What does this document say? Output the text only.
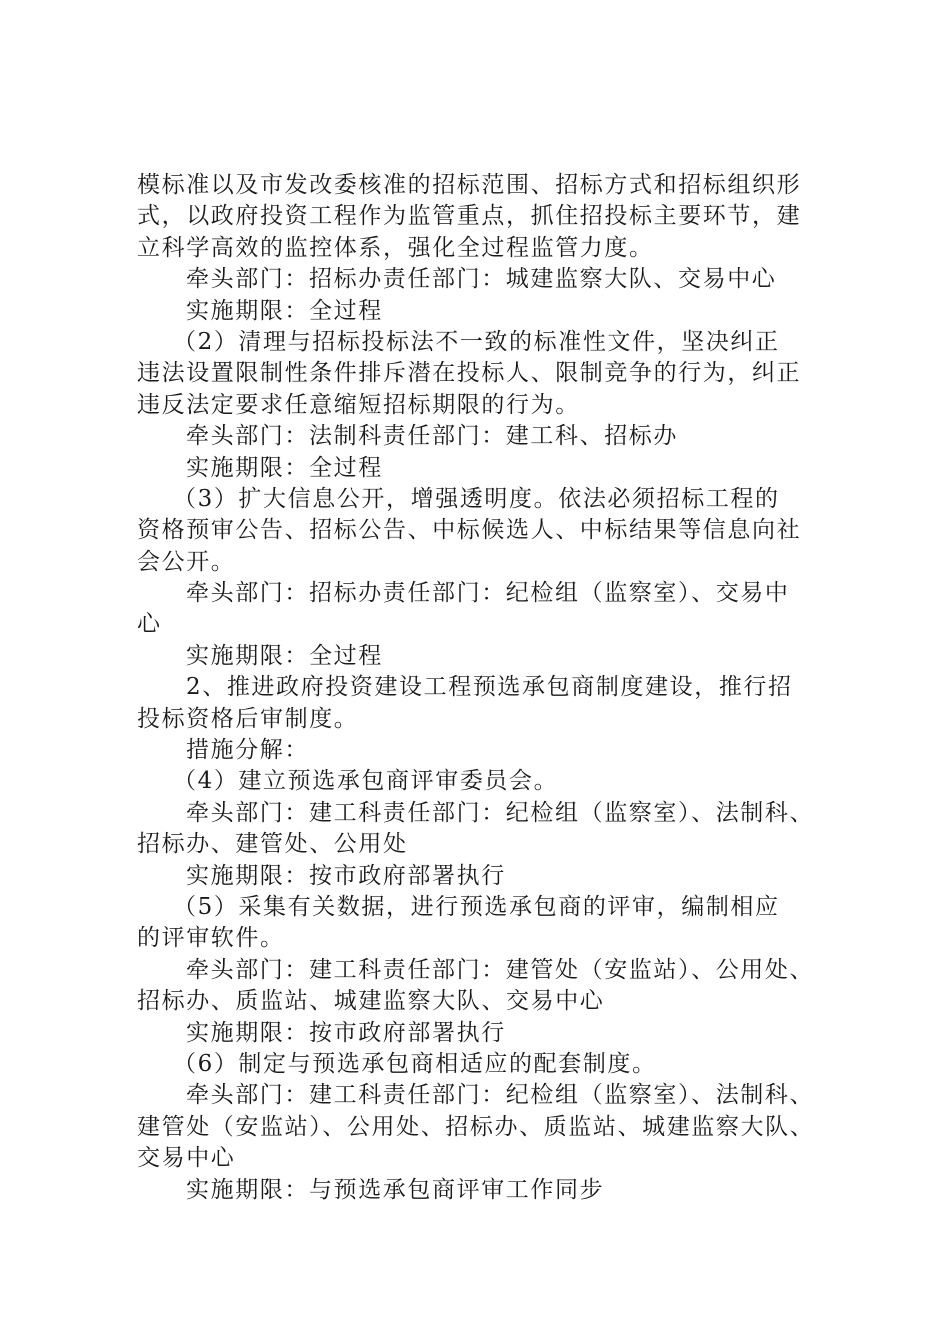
模标准以及市发改委核准的招标范围、招标方式和招标组织形
式，以政府投资工程作为监管重点，抓住招投标主要环节，建
立科学高效的监控体系，强化全过程监管力度。
牵头部门：招标办责任部门：城建监察大队、交易中心
实施期限：全过程
（2）清理与招标投标法不一致的标准性文件，坚决纠正
违法设置限制性条件排斥潜在投标人、限制竞争的行为，纠正
违反法定要求任意缩短招标期限的行为。
牵头部门：法制科责任部门：建工科、招标办
实施期限：全过程
（3）扩大信息公开，增强透明度。依法必须招标工程的
资格预审公告、招标公告、中标候选人、中标结果等信息向社
会公开。
牵头部门：招标办责任部门：纪检组（监察室）、交易中
心
实施期限：全过程
2、推进政府投资建设工程预选承包商制度建设，推行招
投标资格后审制度。
措施分解：
（4）建立预选承包商评审委员会。
牵头部门：建工科责任部门：纪检组（监察室）、法制科、
招标办、建管处、公用处
实施期限：按市政府部署执行
（5）采集有关数据，进行预选承包商的评审，编制相应
的评审软件。
牵头部门：建工科责任部门：建管处（安监站）、公用处、
招标办、质监站、城建监察大队、交易中心
实施期限：按市政府部署执行
（6）制定与预选承包商相适应的配套制度。
牵头部门：建工科责任部门：纪检组（监察室）、法制科、
建管处（安监站）、公用处、招标办、质监站、城建监察大队、
交易中心
实施期限：与预选承包商评审工作同步
